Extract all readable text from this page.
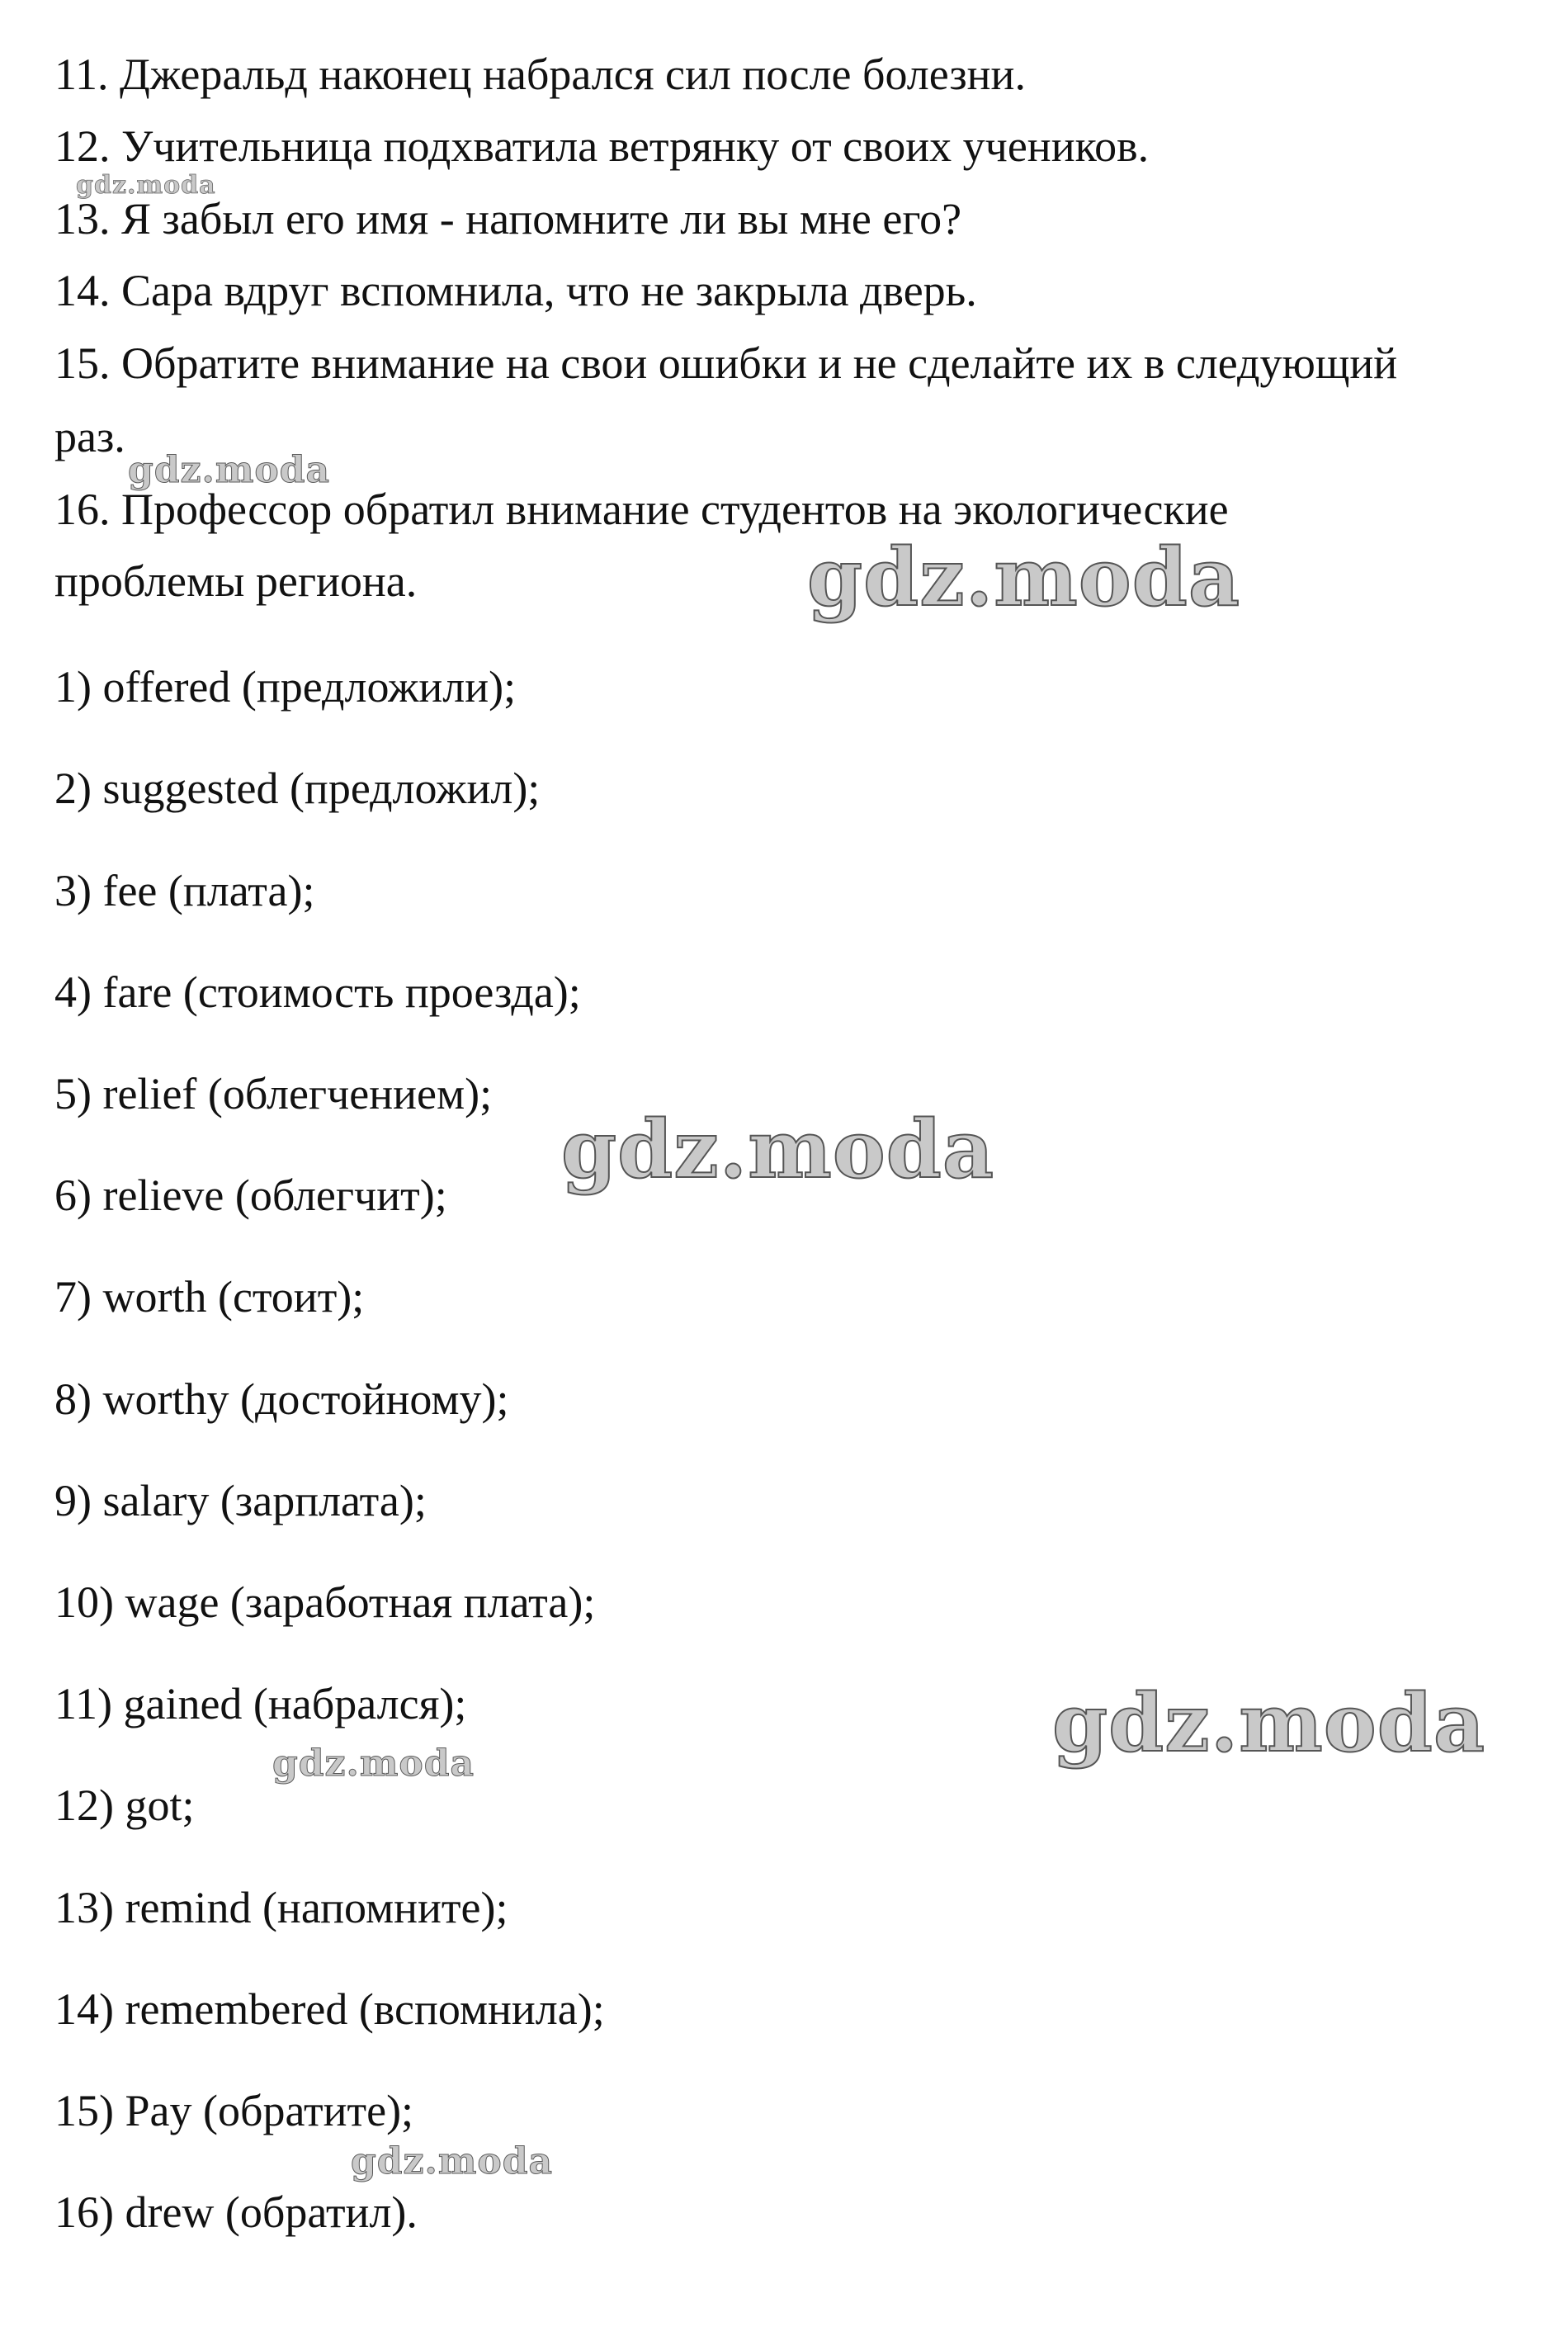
11. Джеральд наконец набрался сил после болезни.
12. Учительница подхватила ветрянку от своих учеников.
13. Я забыл его имя - напомните ли вы мне его?
14. Сара вдруг вспомнила, что не закрыла дверь.
15. Обратите внимание на свои ошибки и не сделайте их в следующий
раз.
16. Профессор обратил внимание студентов на экологические
проблемы региона.
1) offered (предложили);
2) suggested (предложил);
3) fee (плата);
4) fare (стоимость проезда);
5) relief (облегчением);
6) relieve (облегчит);
7) worth (стоит);
8) worthy (достойному);
9) salary (зарплата);
10) wage (заработная плата);
11) gained (набрался);
12) got;
13) remind (напомните);
14) remembered (вспомнила);
15) Pay (обратите);
16) drew (обратил).
gdz.moda
gdz.moda
gdz.moda
gdz.moda
gdz.moda
gdz.moda
gdz.moda
